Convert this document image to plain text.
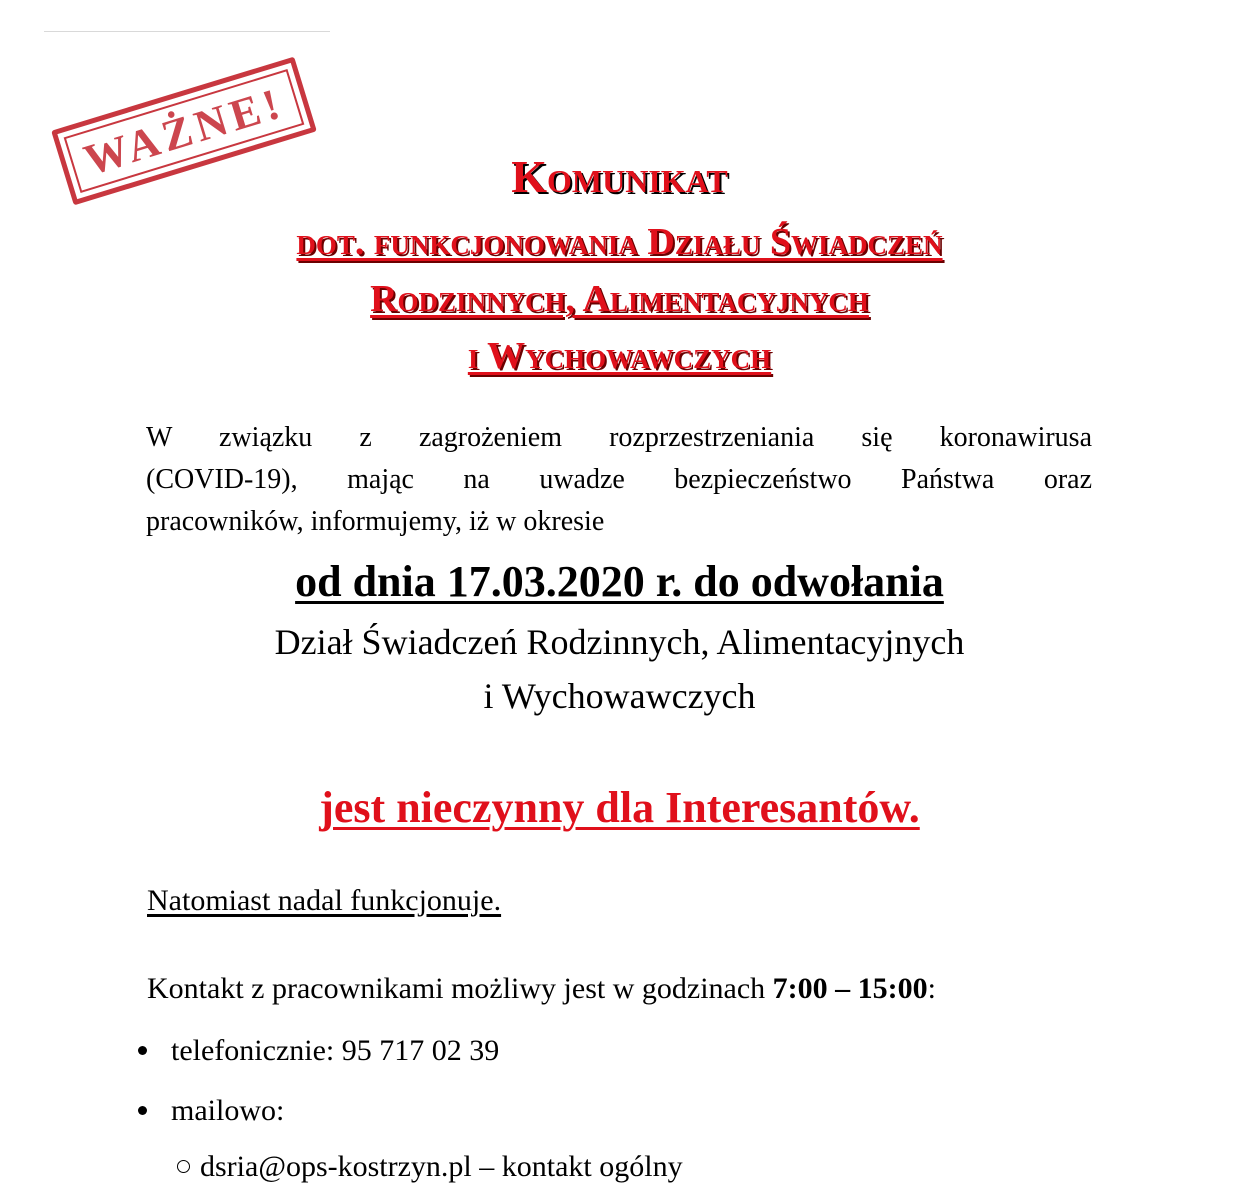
WAŻNE!	Komunikat
dot. funkcjonowania Działu Świadczeń
Rodzinnych, Alimentacyjnych
i Wychowawczych
W związku z zagrożeniem rozprzestrzeniania się koronawirusa
(COVID-19), mając na uwadze bezpieczeństwo Państwa oraz
pracowników, informujemy, iż w okresie
od dnia 17.03.2020 r. do odwołania
Dział Świadczeń Rodzinnych, Alimentacyjnych
i Wychowawczych
jest nieczynny dla Interesantów.
Natomiast nadal funkcjonuje.
Kontakt z pracownikami możliwy jest w godzinach 7:00 – 15:00:
telefonicznie: 95 717 02 39
mailowo:
dsria@ops-kostrzyn.pl – kontakt ogólny
